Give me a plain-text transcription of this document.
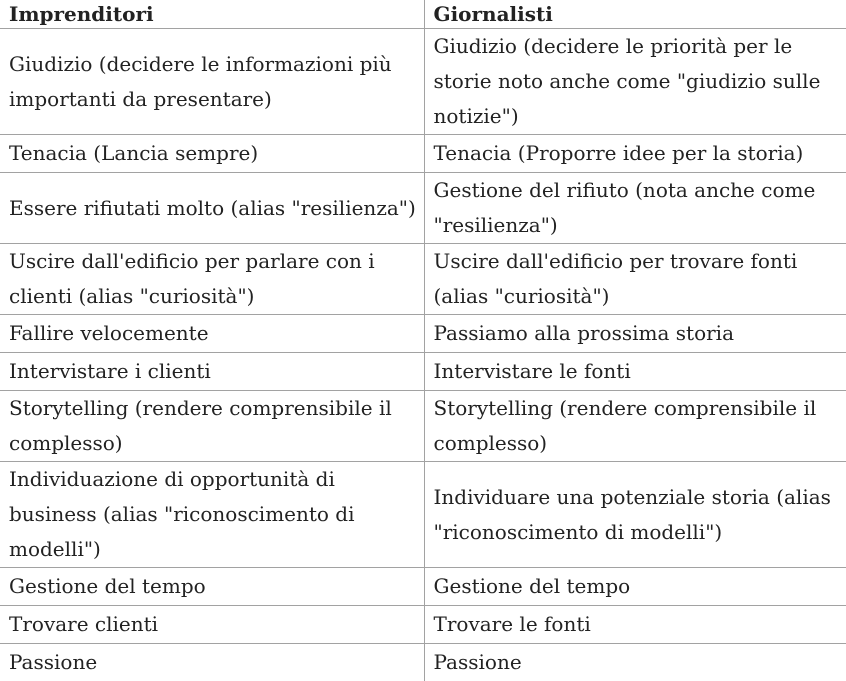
Imprenditori	Giornalisti
Giudizio (decidere le informazioni più importanti da presentare)	Giudizio (decidere le priorità per le storie noto anche come "giudizio sulle notizie")
Tenacia (Lancia sempre)	Tenacia (Proporre idee per la storia)
Essere rifiutati molto (alias "resilienza")	Gestione del rifiuto (nota anche come "resilienza")
Uscire dall'edificio per parlare con i clienti (alias "curiosità")	Uscire dall'edificio per trovare fonti (alias "curiosità")
Fallire velocemente	Passiamo alla prossima storia
Intervistare i clienti	Intervistare le fonti
Storytelling (rendere comprensibile il complesso)	Storytelling (rendere comprensibile il complesso)
Individuazione di opportunità di business (alias "riconoscimento di modelli")	Individuare una potenziale storia (alias "riconoscimento di modelli")
Gestione del tempo	Gestione del tempo
Trovare clienti	Trovare le fonti
Passione	Passione
